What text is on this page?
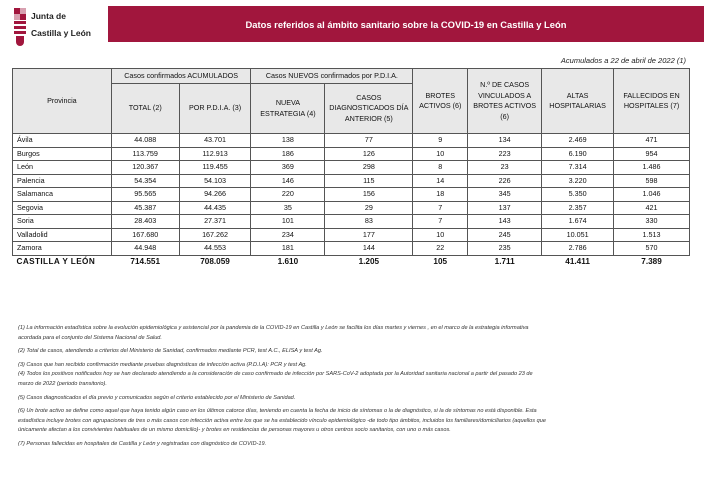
Junta de
Castilla y León
Datos referidos al ámbito sanitario sobre la COVID-19 en Castilla y León
Acumulados a 22 de abril de 2022 (1)
Provincia	Casos confirmados ACUMULADOS		Casos NUEVOS confirmados por P.D.I.A.		BROTES ACTIVOS (6)	N.º DE CASOS VINCULADOS A BROTES ACTIVOS (6)	ALTAS HOSPITALARIAS	FALLECIDOS EN HOSPITALES (7)
	TOTAL (2)	POR P.D.I.A. (3)	NUEVA ESTRATEGIA (4)	CASOS DIAGNOSTICADOS DÍA ANTERIOR (5)				
Ávila	44.088	43.701	138	77	9	134	2.469	471
Burgos	113.759	112.913	186	126	10	223	6.190	954
León	120.367	119.455	369	298	8	23	7.314	1.486
Palencia	54.354	54.103	146	115	14	226	3.220	598
Salamanca	95.565	94.266	220	156	18	345	5.350	1.046
Segovia	45.387	44.435	35	29	7	137	2.357	421
Soria	28.403	27.371	101	83	7	143	1.674	330
Valladolid	167.680	167.262	234	177	10	245	10.051	1.513
Zamora	44.948	44.553	181	144	22	235	2.786	570
CASTILLA Y LEÓN	714.551	708.059	1.610	1.205	105	1.711	41.411	7.389

(1) La información estadística sobre la evolución epidemiológica y asistencial por la pandemia de la COVID-19 en Castilla y León se facilita los días martes y viernes , en el marco de la estrategia informativa

acordada para el conjunto del Sistema Nacional de Salud.

(2) Total de casos, atendiendo a criterios del Ministerio de Sanidad, confirmados mediante PCR, test A.C., ELISA y test Ag.

(3) Casos que han recibido confirmación mediante pruebas diagnósticas de infección activa (P.D.I.A): PCR y test Ag.

(4) Todos los positivos notificados hoy se han declarado atendiendo a la consideración de caso confirmado de infección por SARS-CoV-2 adoptada por la Autoridad sanitaria nacional a partir del pasado 23 de

marzo de 2022 (periodo transitorio).

(5) Casos diagnosticados el día previo y comunicados según el criterio establecido por el Ministerio de Sanidad.

(6) Un brote activo se define como aquel que haya tenido algún caso en los últimos catorce días, teniendo en cuenta la fecha de inicio de síntomas o la de diagnóstico, si la de síntomas no está disponible. Esta

estadística incluye brotes con agrupaciones de tres o más casos con infección activa entre los que se ha establecido vínculo epidemiológico -de todo tipo ámbitos, incluidos los familiares/domiciliarios (aquellos que

únicamente afectan a los convivientes habituales de un mismo domicilio)- y brotes en residencias de personas mayores u otros centros socio sanitarios, con uno o más casos.

(7) Personas fallecidas en hospitales de Castilla y León y registradas con diagnóstico de COVID-19.
